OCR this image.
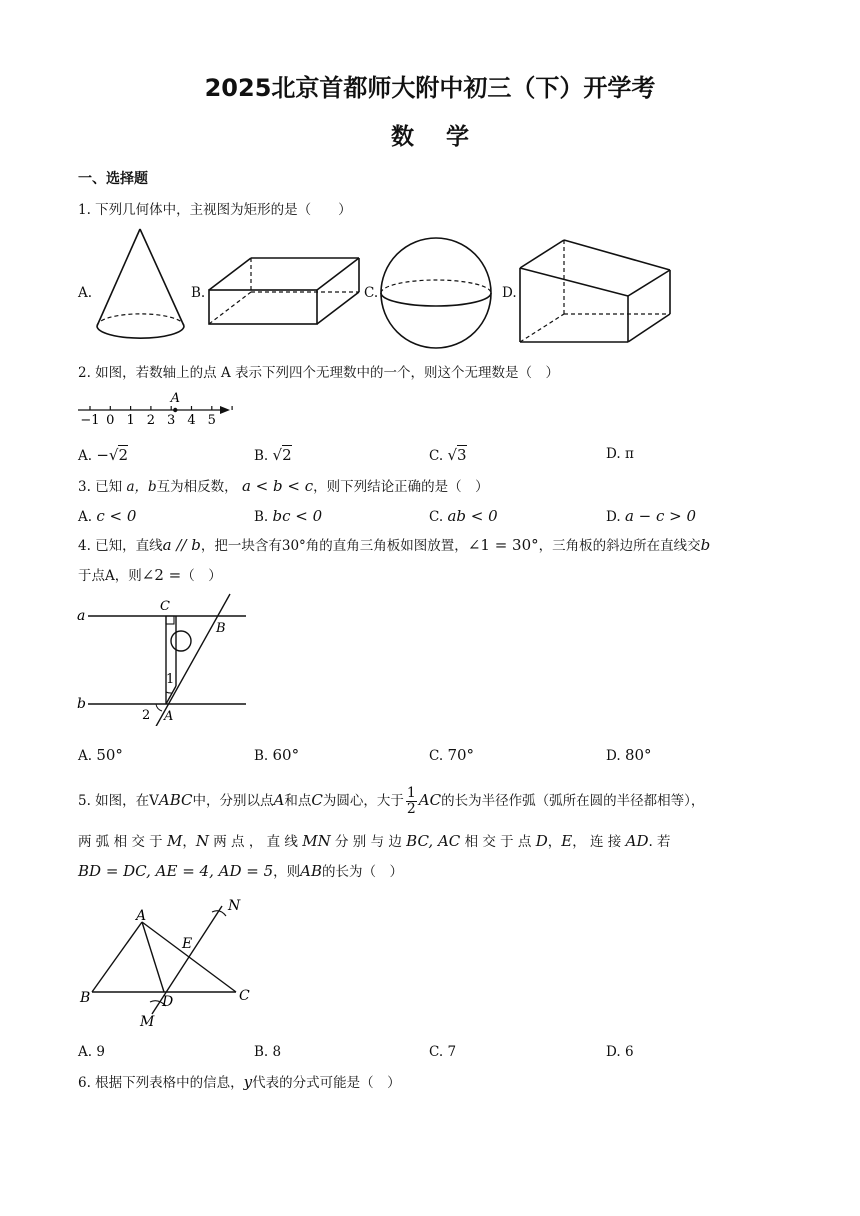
2025北京首都师大附中初三（下）开学考
数    学
一、选择题
1. 下列几何体中，主视图为矩形的是（　　）
A.	B.	C.	D.
2. 如图，若数轴上的点 A 表示下列四个无理数中的一个，则这个无理数是（　）
−1 0 1 2 3 4 5
A
A. −√2	B. √2	C. √3	D. π
3. 已知 a，b互为相反数， a < b < c，则下列结论正确的是（　）
A. c < 0	B. bc < 0	C. ab < 0	D. a − c > 0
4. 已知，直线a // b，把一块含有30°角的直角三角板如图放置，∠1 = 30°，三角板的斜边所在直线交b
于点A，则∠2 =（　）
a
b
C
B
A
1
2
A. 50°	B. 60°	C. 70°	D. 80°
5. 如图，在VABC中，分别以点A和点C为圆心，大于 $\frac{1}{2}$ AC的长为半径作弧（弧所在圆的半径都相等），
两 弧 相 交 于 M，N 两 点 ， 直 线 MN 分 别 与 边 BC, AC 相 交 于 点 D，E， 连 接 AD. 若
BD = DC, AE = 4, AD = 5，则AB的长为（　）
A
B	C
D
E
M
N
A. 9	B. 8	C. 7	D. 6
6. 根据下列表格中的信息，y代表的分式可能是（　）
